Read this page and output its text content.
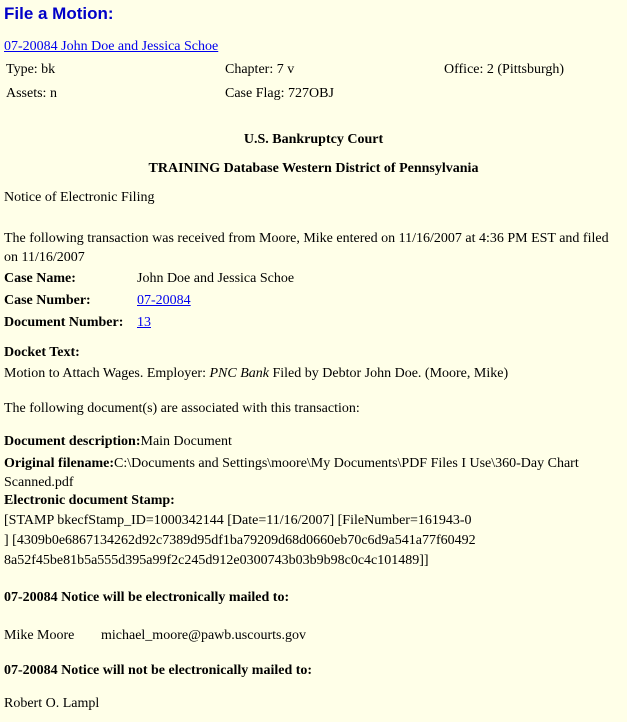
File a Motion:
07-20084 John Doe and Jessica Schoe
Type: bk	Chapter: 7 v	Office: 2 (Pittsburgh)
Assets: n	Case Flag: 727OBJ
U.S. Bankruptcy Court
TRAINING Database Western District of Pennsylvania
Notice of Electronic Filing
The following transaction was received from Moore, Mike entered on 11/16/2007 at 4:36 PM EST and filed on 11/16/2007
Case Name:	John Doe and Jessica Schoe
Case Number:	07-20084
Document Number: 13
Docket Text:
Motion to Attach Wages. Employer: PNC Bank Filed by Debtor John Doe. (Moore, Mike)
The following document(s) are associated with this transaction:
Document description:Main Document
Original filename:C:\Documents and Settings\moore\My Documents\PDF Files I Use\360-Day Chart Scanned.pdf
Electronic document Stamp:
[STAMP bkecfStamp_ID=1000342144 [Date=11/16/2007] [FileNumber=161943-0
] [4309b0e6867134262d92c7389d95df1ba79209d68d0660eb70c6d9a541a77f60492
8a52f45be81b5a555d395a99f2c245d912e0300743b03b9b98c0c4c101489]]
07-20084 Notice will be electronically mailed to:
Mike Moore michael_moore@pawb.uscourts.gov
07-20084 Notice will not be electronically mailed to:
Robert O. Lampl
